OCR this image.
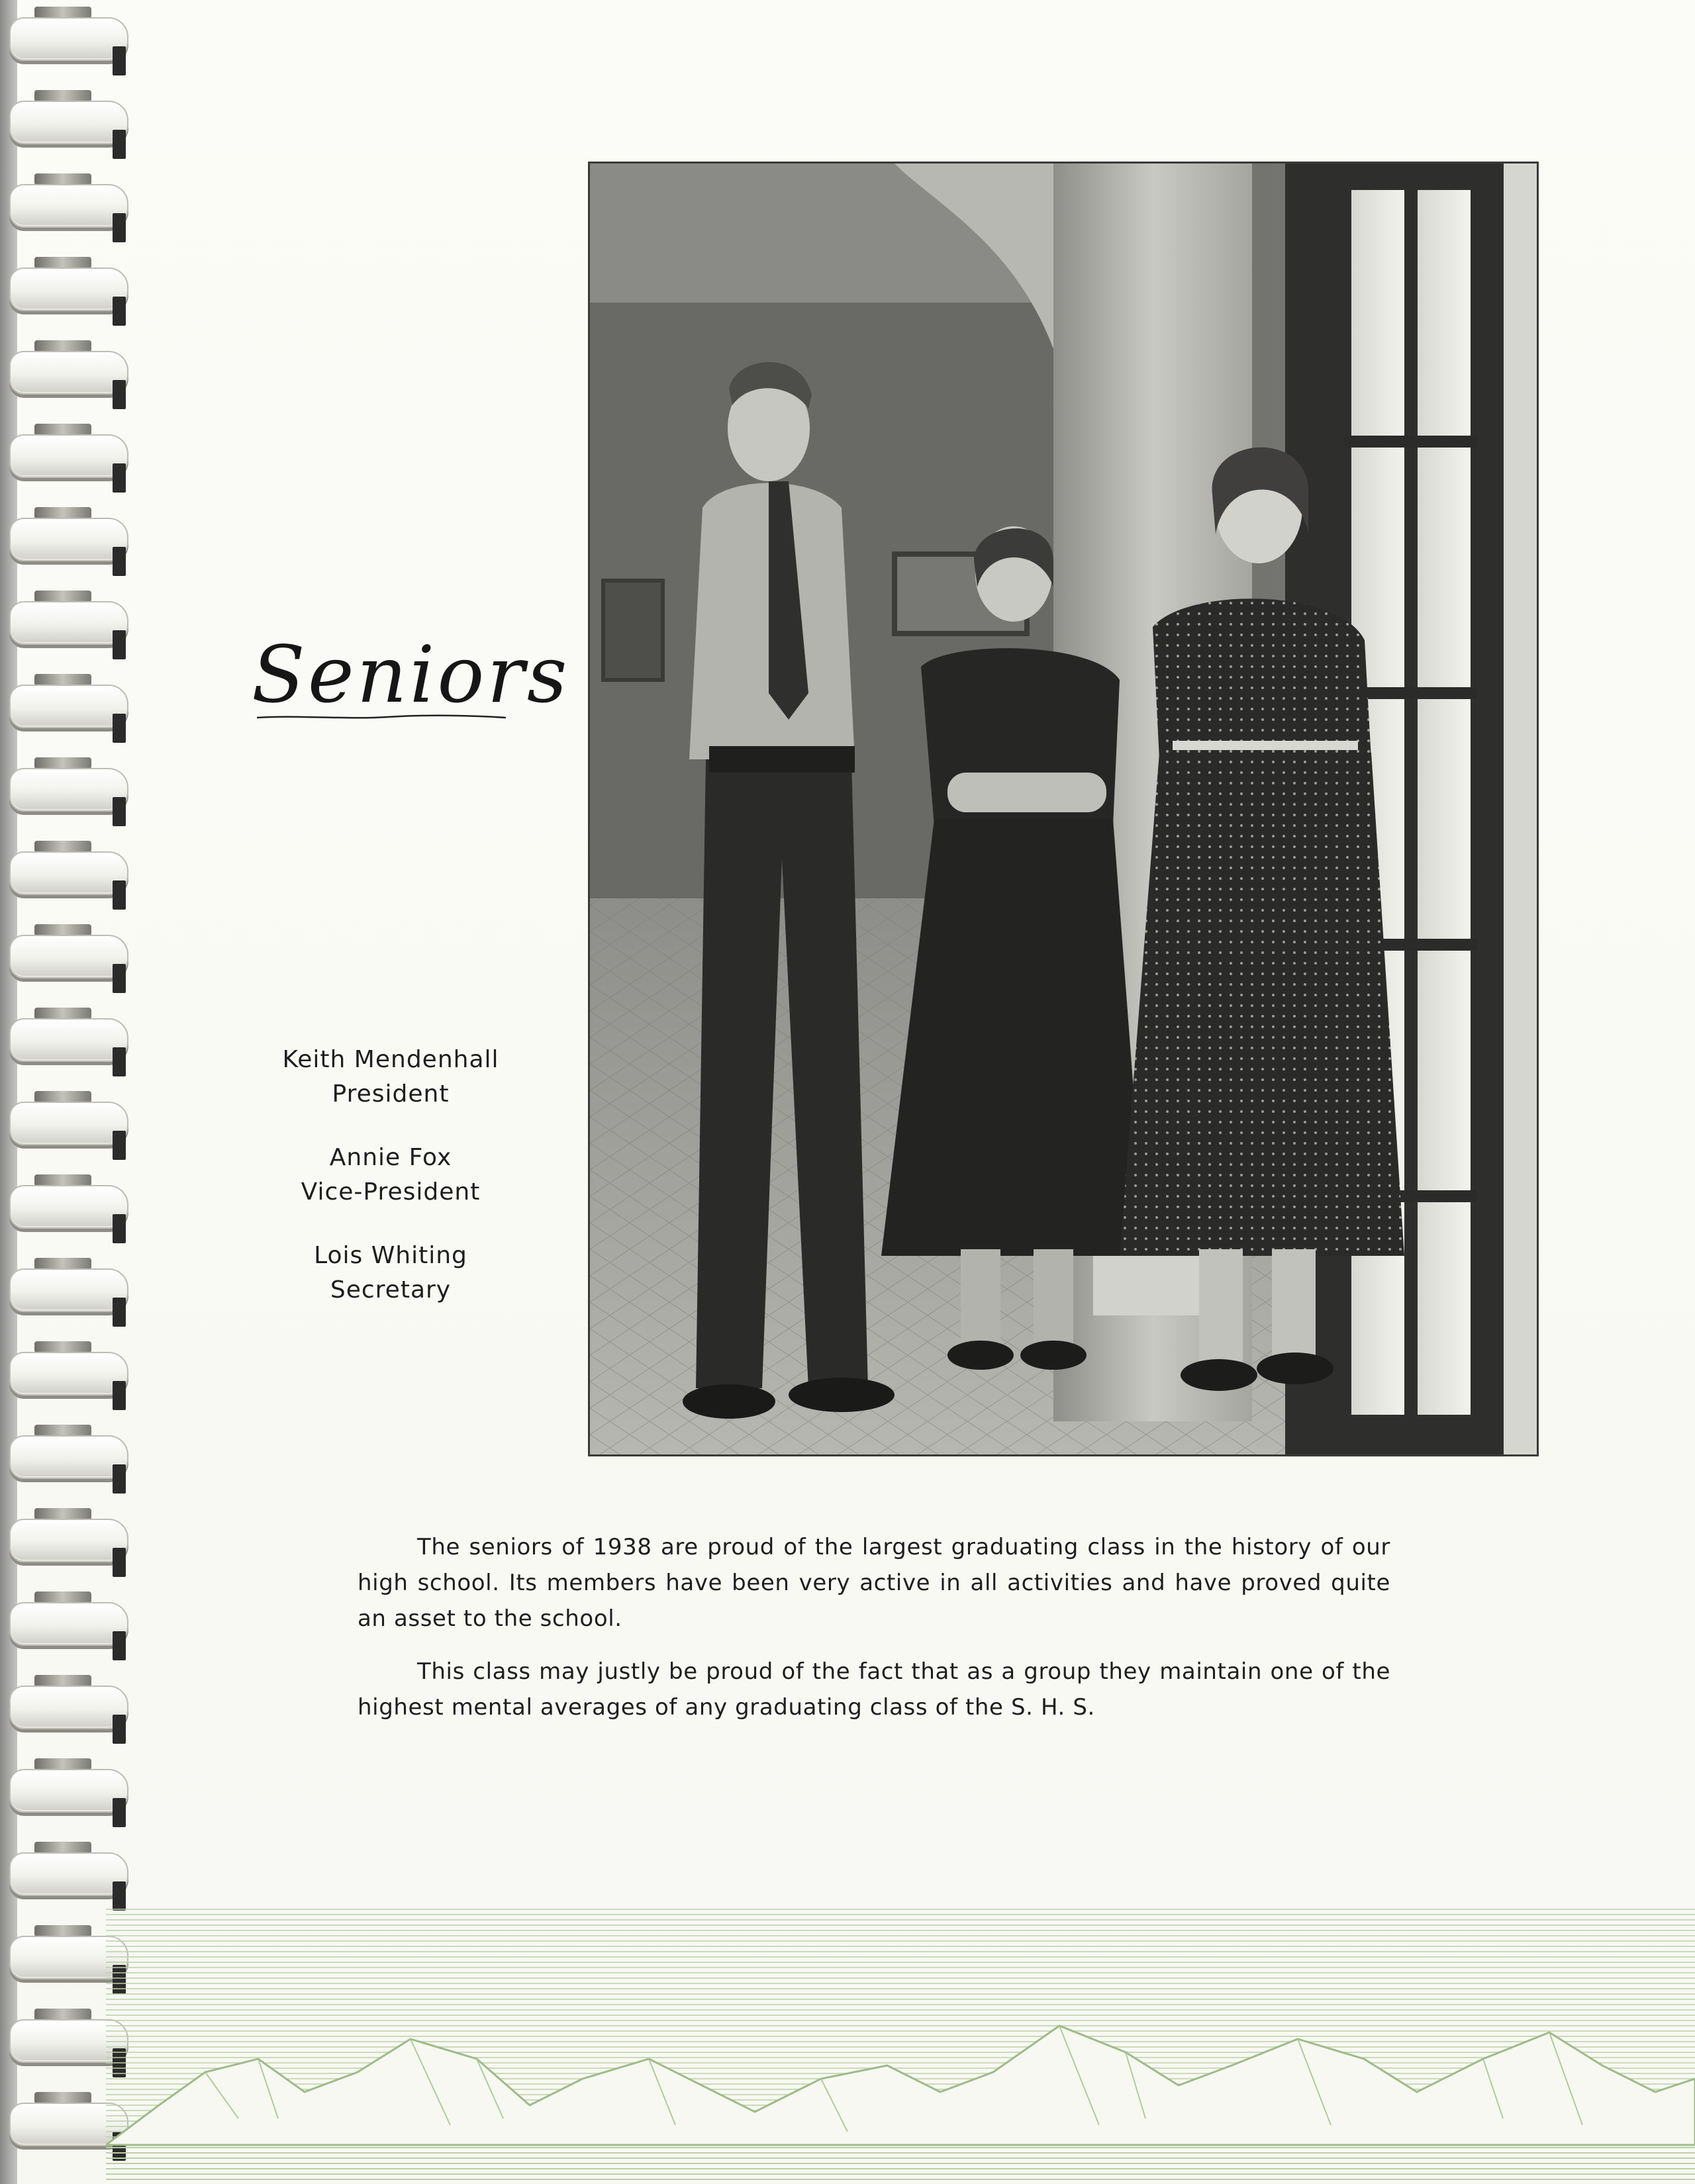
Seniors
Keith Mendenhall
President
Annie Fox
Vice-President
Lois Whiting
Secretary

The seniors of 1938 are proud of the largest graduating class in the history of our high school. Its members have been very active in all activities and have proved quite an asset to the school.

This class may justly be proud of the fact that as a group they maintain one of the highest mental averages of any graduating class of the S. H. S.
